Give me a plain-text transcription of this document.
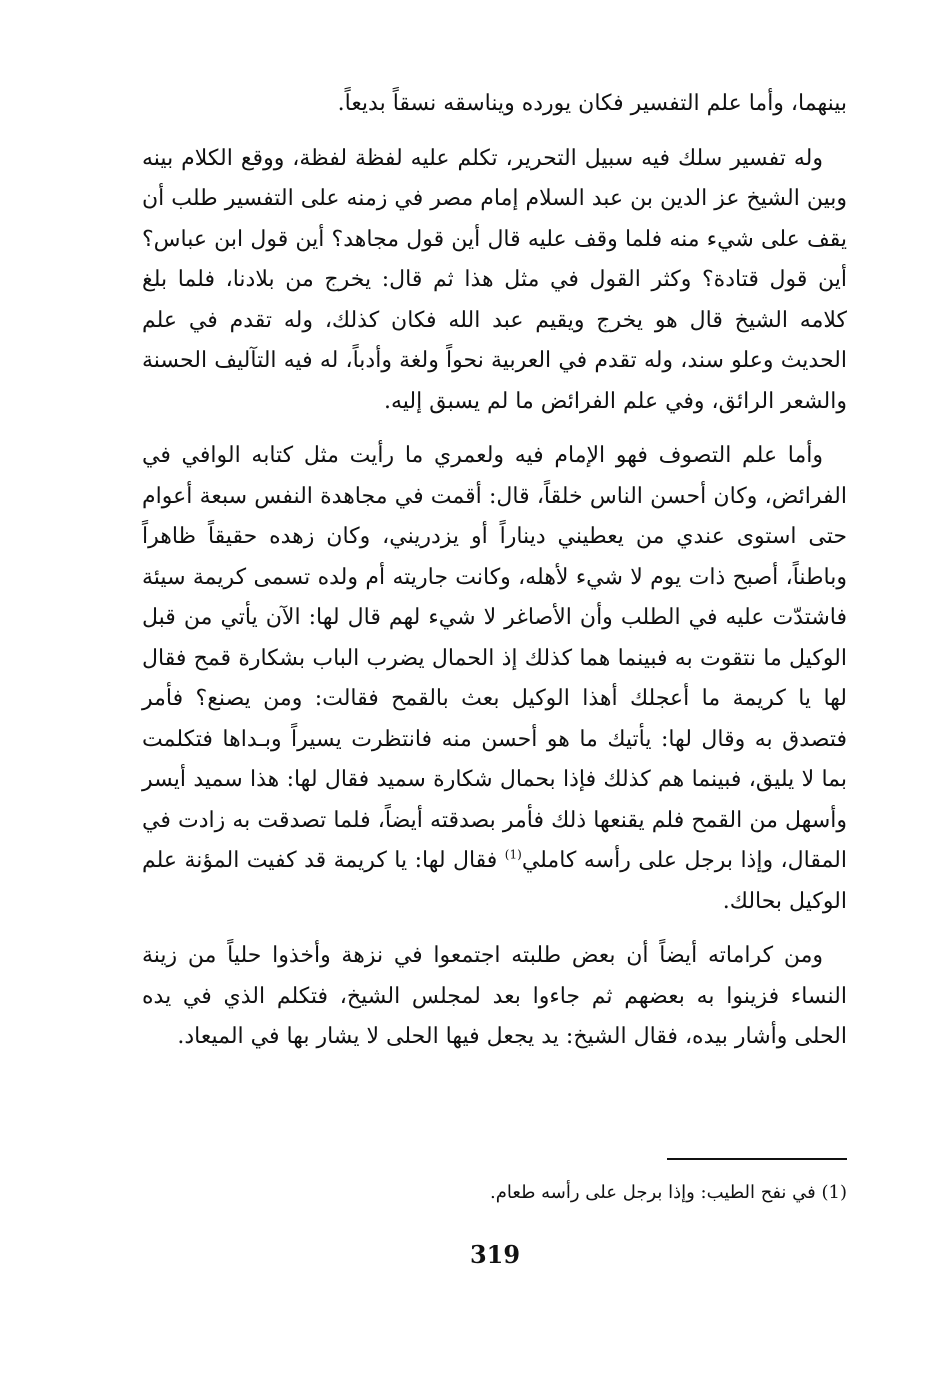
بينهما، وأما علم التفسير فكان يورده ويناسقه نسقاً بديعاً.

وله تفسير سلك فيه سبيل التحرير، تكلم عليه لفظة لفظة، ووقع الكلام بينه وبين الشيخ عز الدين بن عبد السلام إمام مصر في زمنه على التفسير طلب أن يقف على شيء منه فلما وقف عليه قال أين قول مجاهد؟ أين قول ابن عباس؟ أين قول قتادة؟ وكثر القول في مثل هذا ثم قال: يخرج من بلادنا، فلما بلغ كلامه الشيخ قال هو يخرج ويقيم عبد الله فكان كذلك، وله تقدم في علم الحديث وعلو سند، وله تقدم في العربية نحواً ولغة وأدباً، له فيه التآليف الحسنة والشعر الرائق، وفي علم الفرائض ما لم يسبق إليه.

وأما علم التصوف فهو الإمام فيه ولعمري ما رأيت مثل كتابه الوافي في الفرائض، وكان أحسن الناس خلقاً، قال: أقمت في مجاهدة النفس سبعة أعوام حتى استوى عندي من يعطيني ديناراً أو يزدريني، وكان زهده حقيقاً ظاهراً وباطناً، أصبح ذات يوم لا شيء لأهله، وكانت جاريته أم ولده تسمى كريمة سيئة فاشتدّت عليه في الطلب وأن الأصاغر لا شيء لهم قال لها: الآن يأتي من قبل الوكيل ما نتقوت به فبينما هما كذلك إذ الحمال يضرب الباب بشكارة قمح فقال لها يا كريمة ما أعجلك أهذا الوكيل بعث بالقمح فقالت: ومن يصنع؟ فأمر فتصدق به وقال لها: يأتيك ما هو أحسن منه فانتظرت يسيراً وبـداها فتكلمت بما لا يليق، فبينما هم كذلك فإذا بحمال شكارة سميد فقال لها: هذا سميد أيسر وأسهل من القمح فلم يقنعها ذلك فأمر بصدقته أيضاً، فلما تصدقت به زادت في المقال، وإذا برجل على رأسه كاملي$^{(1)}$ فقال لها: يا كريمة قد كفيت المؤنة علم الوكيل بحالك.

ومن كراماته أيضاً أن بعض طلبته اجتمعوا في نزهة وأخذوا حلياً من زينة النساء فزينوا به بعضهم ثم جاءوا بعد لمجلس الشيخ، فتكلم الذي في يده الحلى وأشار بيده، فقال الشيخ: يد يجعل فيها الحلى لا يشار بها في الميعاد.

(1) في نفح الطيب: وإذا برجل على رأسه طعام.
319
